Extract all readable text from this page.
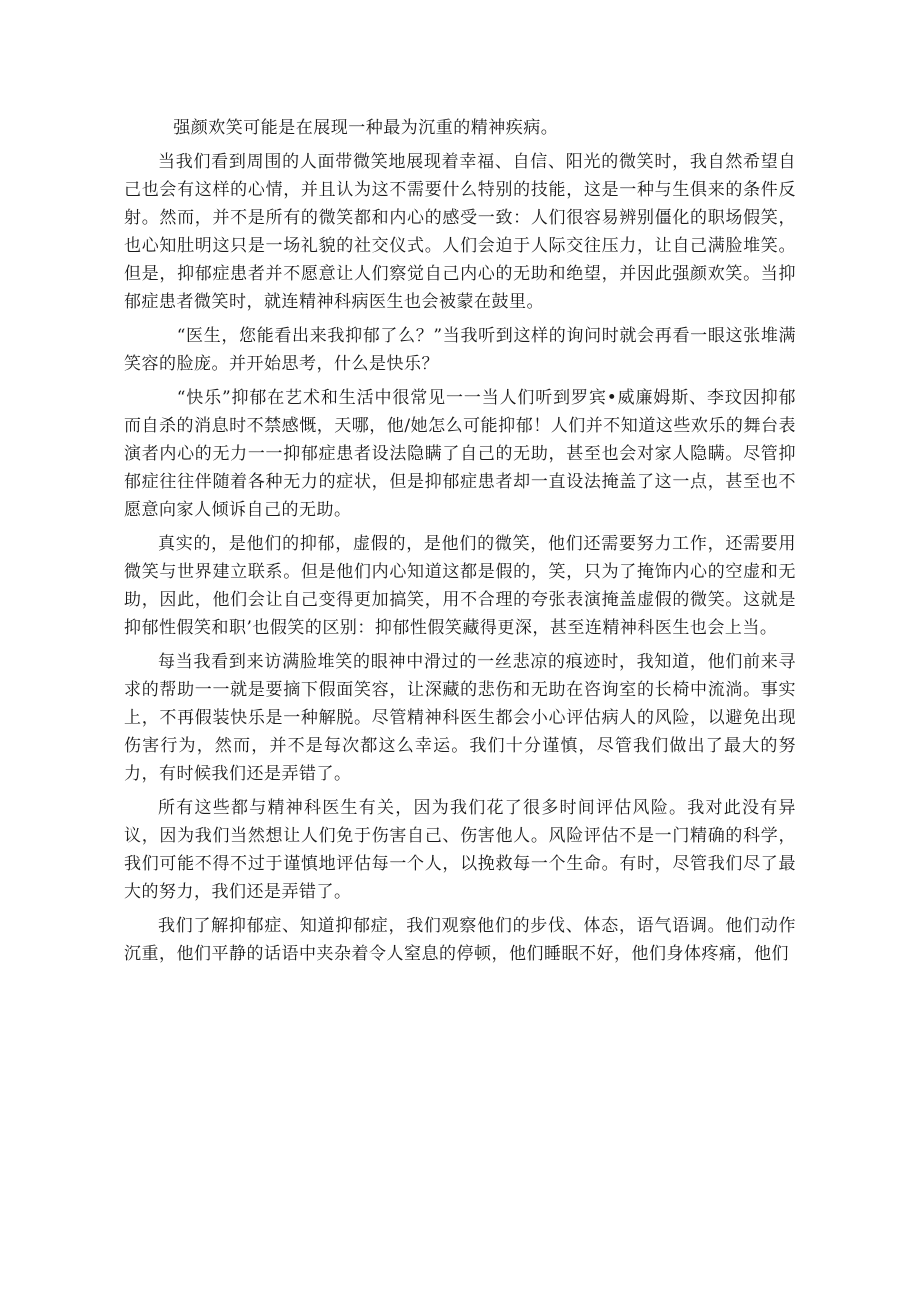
强颜欢笑可能是在展现一种最为沉重的精神疾病。

当我们看到周围的人面带微笑地展现着幸福、自信、阳光的微笑时，我自然希望自己也会有这样的心情，并且认为这不需要什么特别的技能，这是一种与生俱来的条件反射。然而，并不是所有的微笑都和内心的感受一致：人们很容易辨别僵化的职场假笑，也心知肚明这只是一场礼貌的社交仪式。人们会迫于人际交往压力，让自己满脸堆笑。但是，抑郁症患者并不愿意让人们察觉自己内心的无助和绝望，并因此强颜欢笑。当抑郁症患者微笑时，就连精神科病医生也会被蒙在鼓里。

“医生，您能看出来我抑郁了么？”当我听到这样的询问时就会再看一眼这张堆满笑容的脸庞。并开始思考，什么是快乐？

“快乐”抑郁在艺术和生活中很常见一一当人们听到罗宾•威廉姆斯、李玟因抑郁而自杀的消息时不禁感慨，天哪，他/她怎么可能抑郁！人们并不知道这些欢乐的舞台表演者内心的无力一一抑郁症患者设法隐瞒了自己的无助，甚至也会对家人隐瞒。尽管抑郁症往往伴随着各种无力的症状，但是抑郁症患者却一直设法掩盖了这一点，甚至也不愿意向家人倾诉自己的无助。

真实的，是他们的抑郁，虚假的，是他们的微笑，他们还需要努力工作，还需要用微笑与世界建立联系。但是他们内心知道这都是假的，笑，只为了掩饰内心的空虚和无助，因此，他们会让自己变得更加搞笑，用不合理的夸张表演掩盖虚假的微笑。这就是抑郁性假笑和职’也假笑的区别：抑郁性假笑藏得更深，甚至连精神科医生也会上当。

每当我看到来访满脸堆笑的眼神中滑过的一丝悲凉的痕迹时，我知道，他们前来寻求的帮助一一就是要摘下假面笑容，让深藏的悲伤和无助在咨询室的长椅中流淌。事实上，不再假装快乐是一种解脱。尽管精神科医生都会小心评估病人的风险，以避免出现伤害行为，然而，并不是每次都这么幸运。我们十分谨慎，尽管我们做出了最大的努力，有时候我们还是弄错了。

所有这些都与精神科医生有关，因为我们花了很多时间评估风险。我对此没有异议，因为我们当然想让人们免于伤害自己、伤害他人。风险评估不是一门精确的科学，我们可能不得不过于谨慎地评估每一个人，以挽救每一个生命。有时，尽管我们尽了最大的努力，我们还是弄错了。

我们了解抑郁症、知道抑郁症，我们观察他们的步伐、体态，语气语调。他们动作沉重，他们平静的话语中夹杂着令人窒息的停顿，他们睡眠不好，他们身体疼痛，他们
